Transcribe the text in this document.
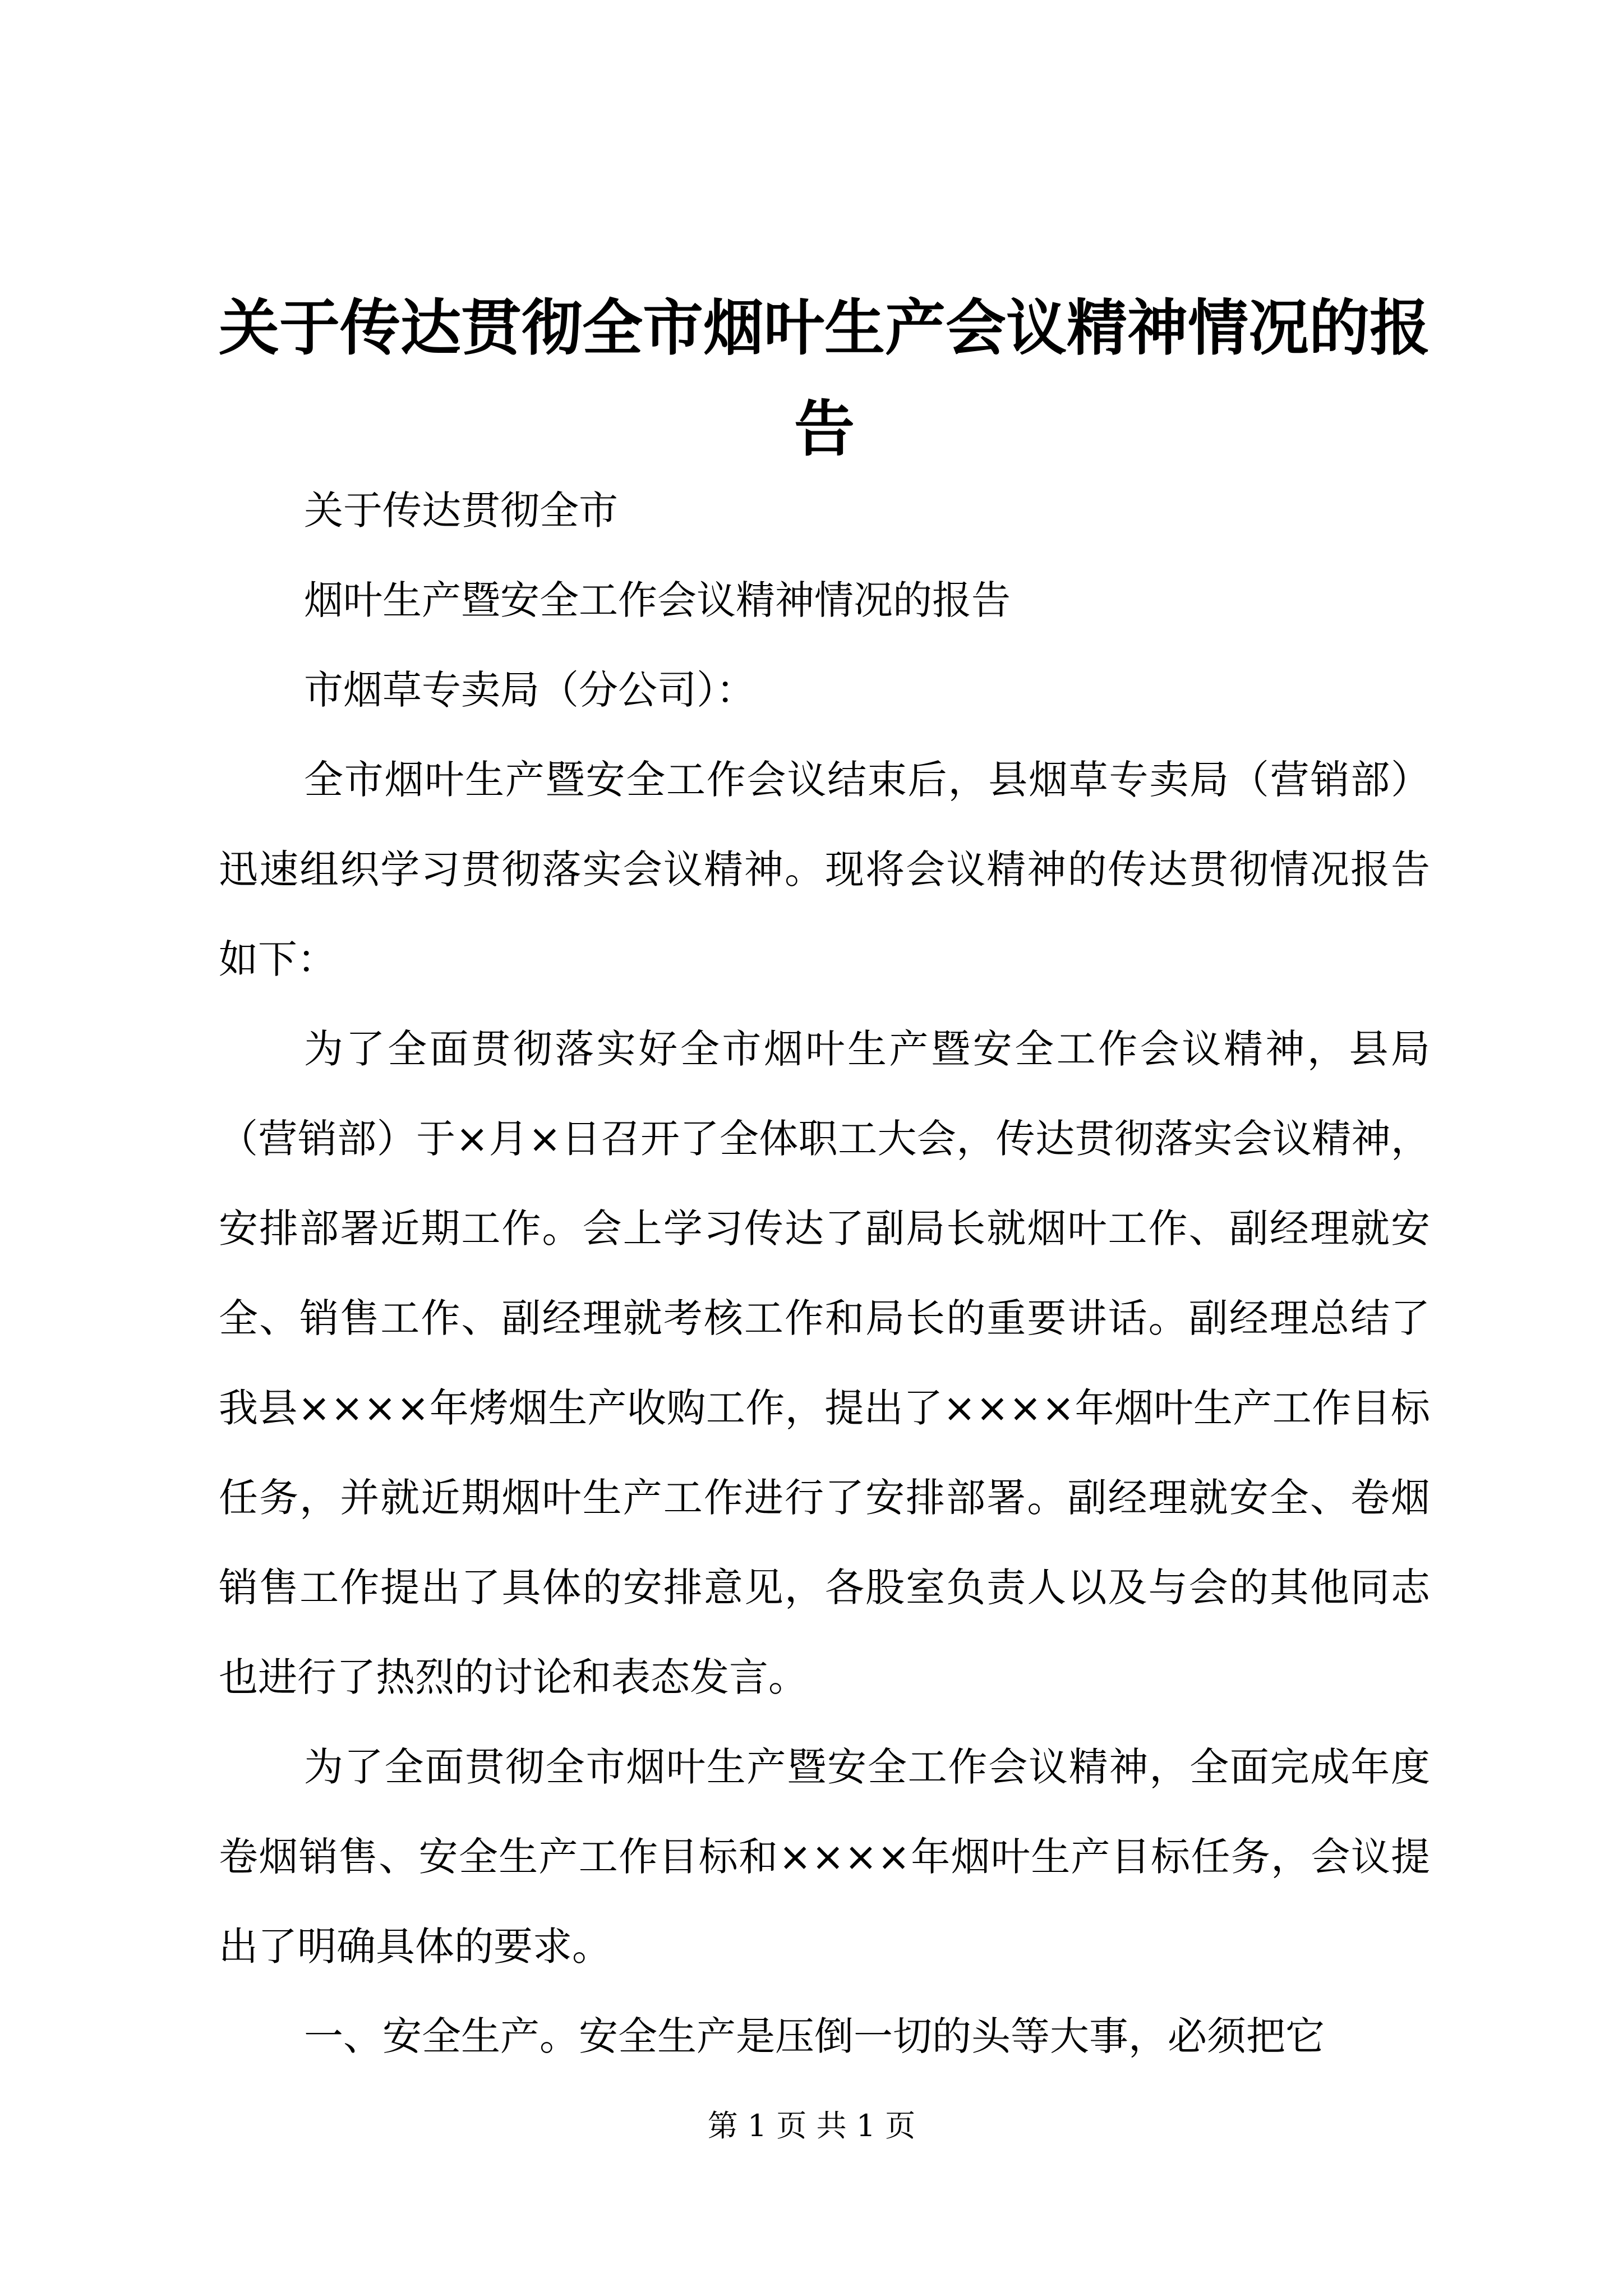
关于传达贯彻全市烟叶生产会议精神情况的报告

关于传达贯彻全市

烟叶生产暨安全工作会议精神情况的报告

市烟草专卖局（分公司）：

全市烟叶生产暨安全工作会议结束后，县烟草专卖局（营销部）迅速组织学习贯彻落实会议精神。现将会议精神的传达贯彻情况报告如下：

为了全面贯彻落实好全市烟叶生产暨安全工作会议精神，县局（营销部）于×月×日召开了全体职工大会，传达贯彻落实会议精神，安排部署近期工作。会上学习传达了副局长就烟叶工作、副经理就安全、销售工作、副经理就考核工作和局长的重要讲话。副经理总结了我县××××年烤烟生产收购工作，提出了××××年烟叶生产工作目标任务，并就近期烟叶生产工作进行了安排部署。副经理就安全、卷烟销售工作提出了具体的安排意见，各股室负责人以及与会的其他同志也进行了热烈的讨论和表态发言。

为了全面贯彻全市烟叶生产暨安全工作会议精神，全面完成年度卷烟销售、安全生产工作目标和××××年烟叶生产目标任务，会议提出了明确具体的要求。

一、安全生产。安全生产是压倒一切的头等大事，必须把它

第 1 页 共 1 页
